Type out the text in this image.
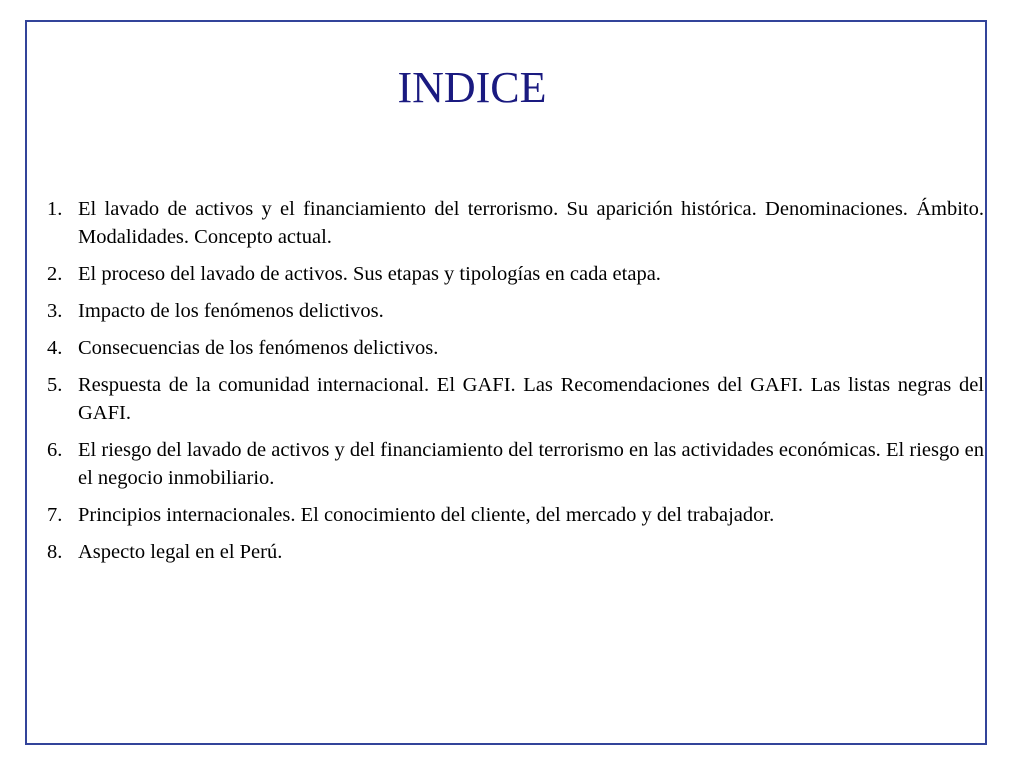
INDICE
1. El lavado de activos y el financiamiento del terrorismo. Su aparición histórica. Denominaciones. Ámbito. Modalidades. Concepto actual.
2. El proceso del lavado de activos. Sus etapas y tipologías en cada etapa.
3. Impacto de los fenómenos delictivos.
4. Consecuencias de los fenómenos delictivos.
5. Respuesta de la comunidad internacional. El GAFI. Las Recomendaciones del GAFI. Las listas negras del GAFI.
6. El riesgo del lavado de activos y del financiamiento del terrorismo en las actividades económicas. El riesgo en el negocio inmobiliario.
7. Principios internacionales. El conocimiento del cliente, del mercado y del trabajador.
8. Aspecto legal en el Perú.
